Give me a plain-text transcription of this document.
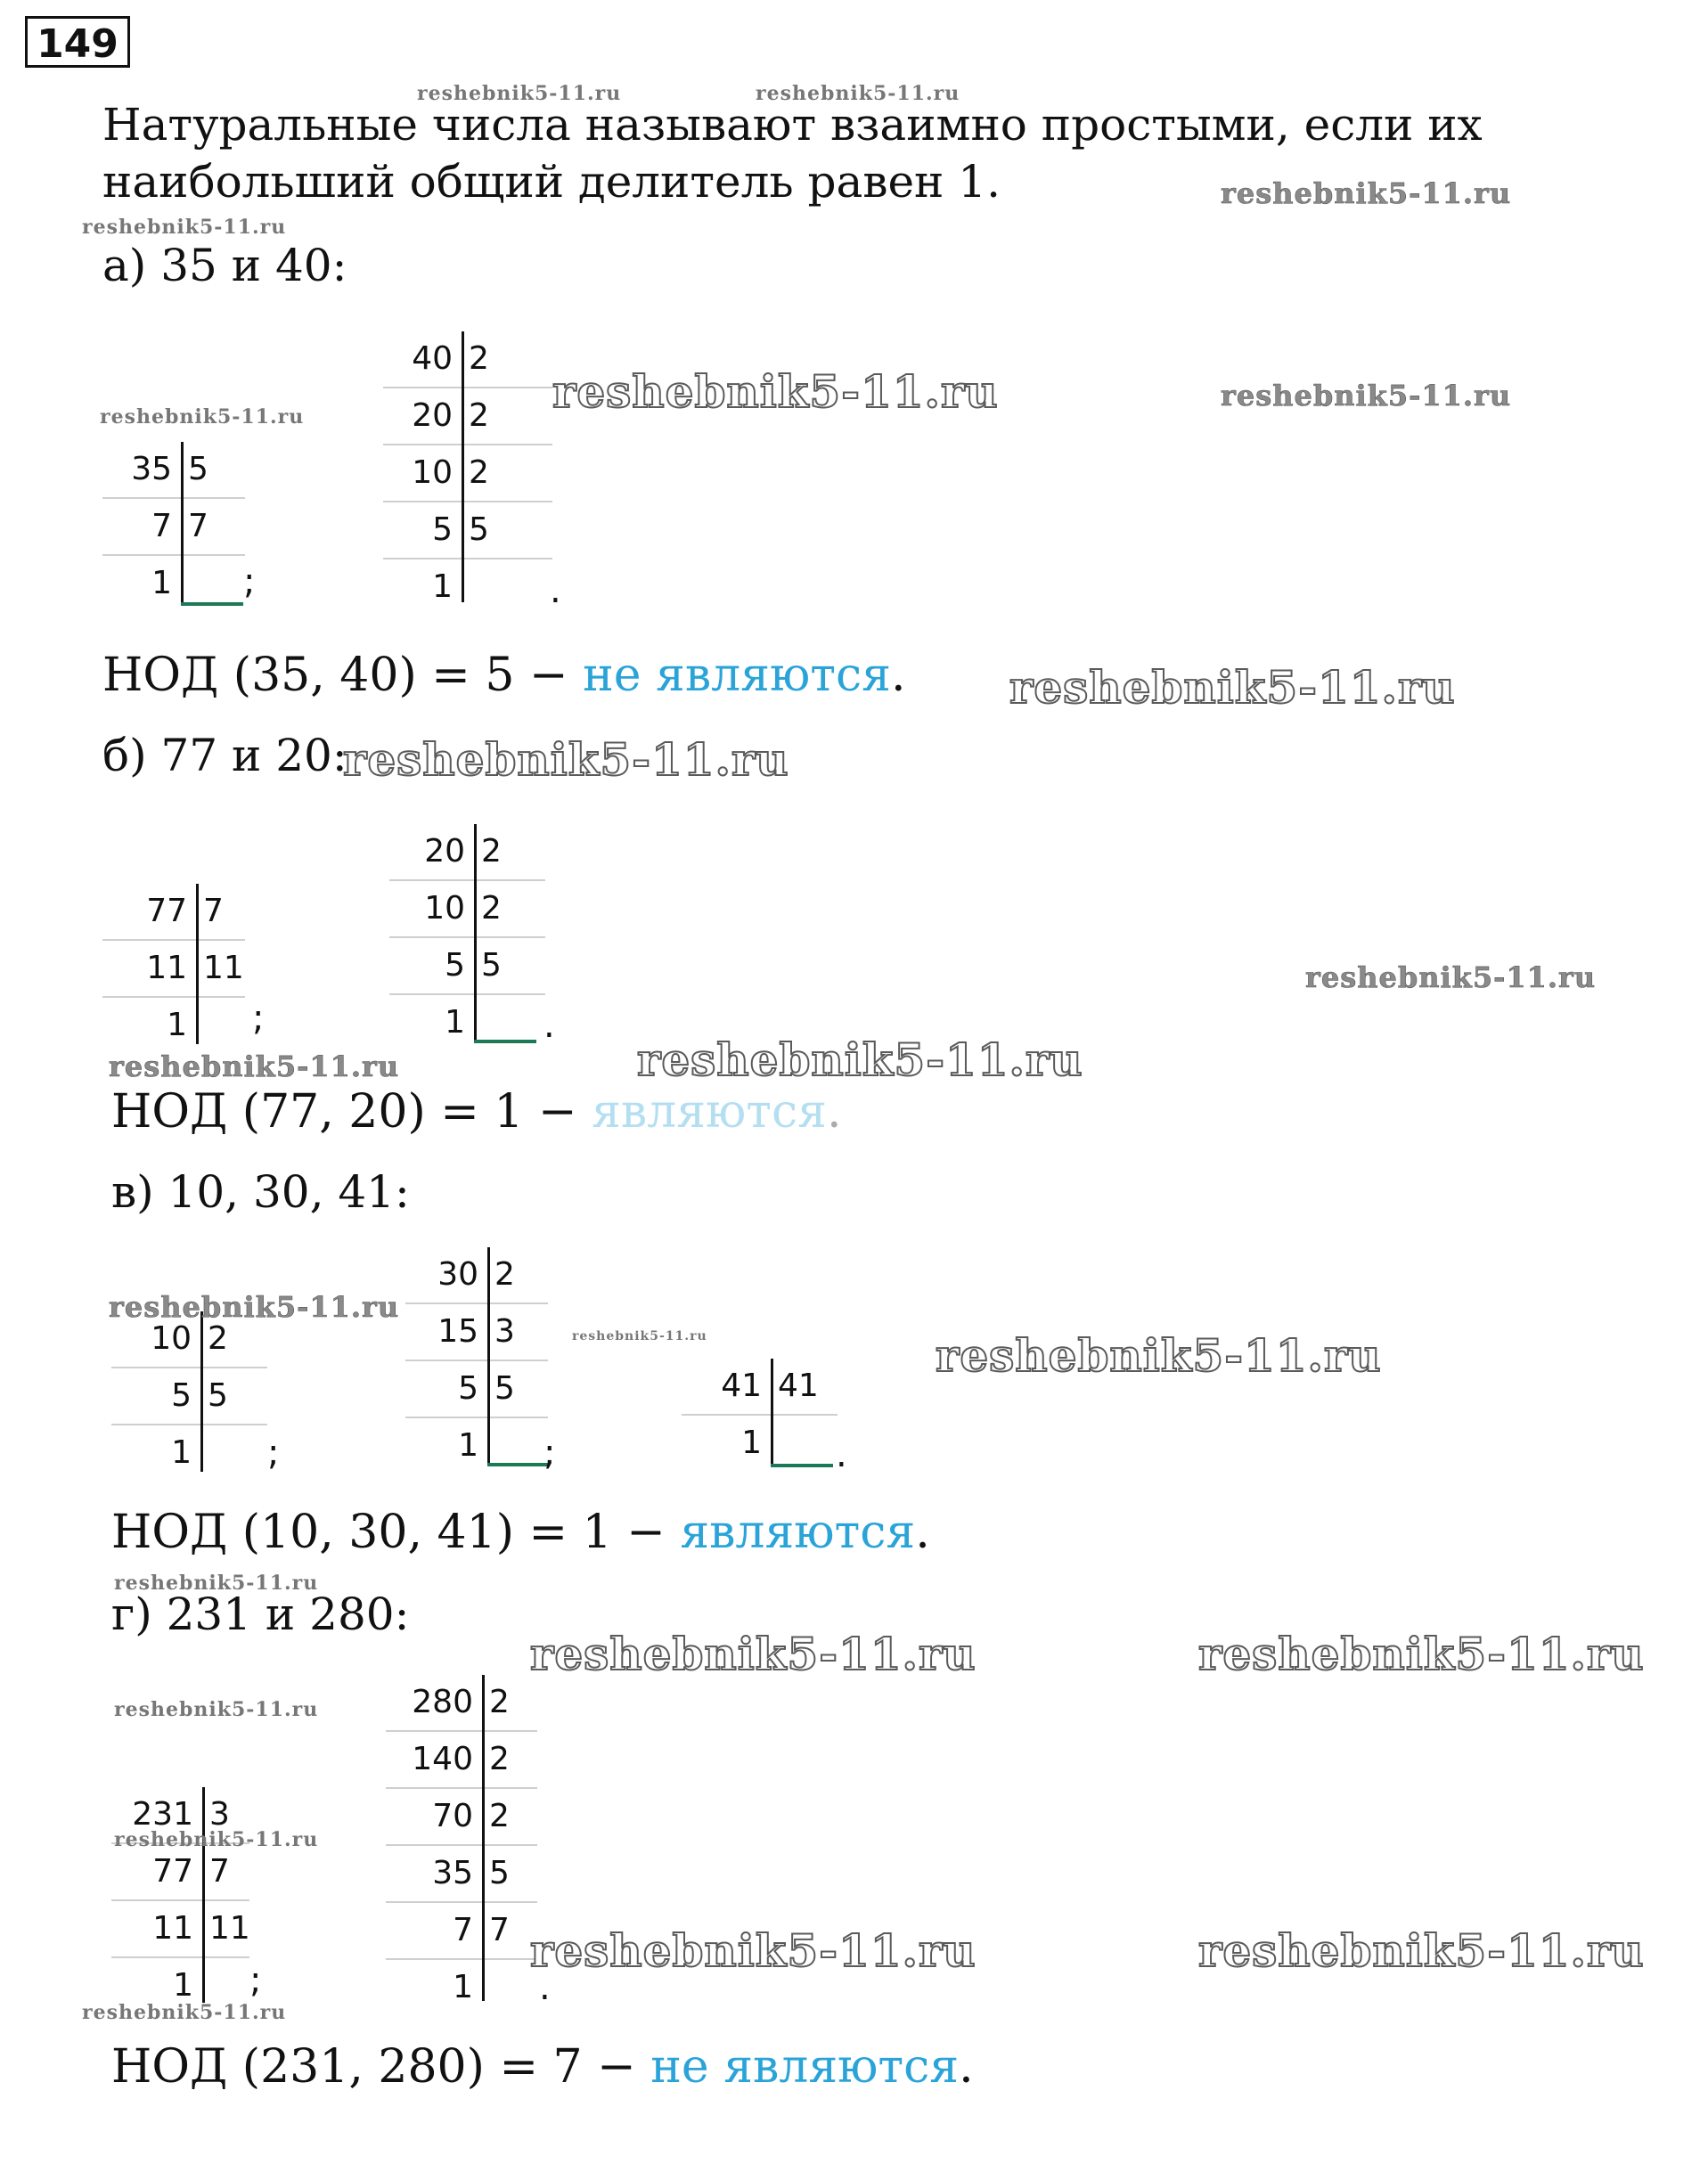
149
Натуральные числа называют взаимно простыми, если их наибольший общий делитель равен 1.
а) 35 и 40:
35 5
7 7
1 ;
40 2
20 2
10 2
5 5
1	.
НОД (35, 40) = 5 − не являются.
б) 77 и 20:
77 7
11 11
1 ;
20 2
10 2
5 5
1 .
НОД (77, 20) = 1 − являются.
в) 10, 30, 41:
10 2
5 5
1 ;
30 2
15 3
5 5
1 ;
41 41
1 .
НОД (10, 30, 41) = 1 − являются.
г) 231 и 280:
231 3
77 7
11 11
1 ;
280 2
140 2
70 2
35 5
7 7
1 .
НОД (231, 280) = 7 − не являются.
reshebnik5-11.ru	reshebnik5-11.ru
reshebnik5-11.ru
reshebnik5-11.ru
reshebnik5-11.ru	reshebnik5-11.ru
reshebnik5-11.ru
reshebnik5-11.ru
reshebnik5-11.ru
reshebnik5-11.ru
reshebnik5-11.ru	reshebnik5-11.ru
reshebnik5-11.ru
reshebnik5-11.ru	reshebnik5-11.ru
reshebnik5-11.ru
reshebnik5-11.ru	reshebnik5-11.ru
reshebnik5-11.ru
reshebnik5-11.ru
reshebnik5-11.ru	reshebnik5-11.ru
reshebnik5-11.ru
